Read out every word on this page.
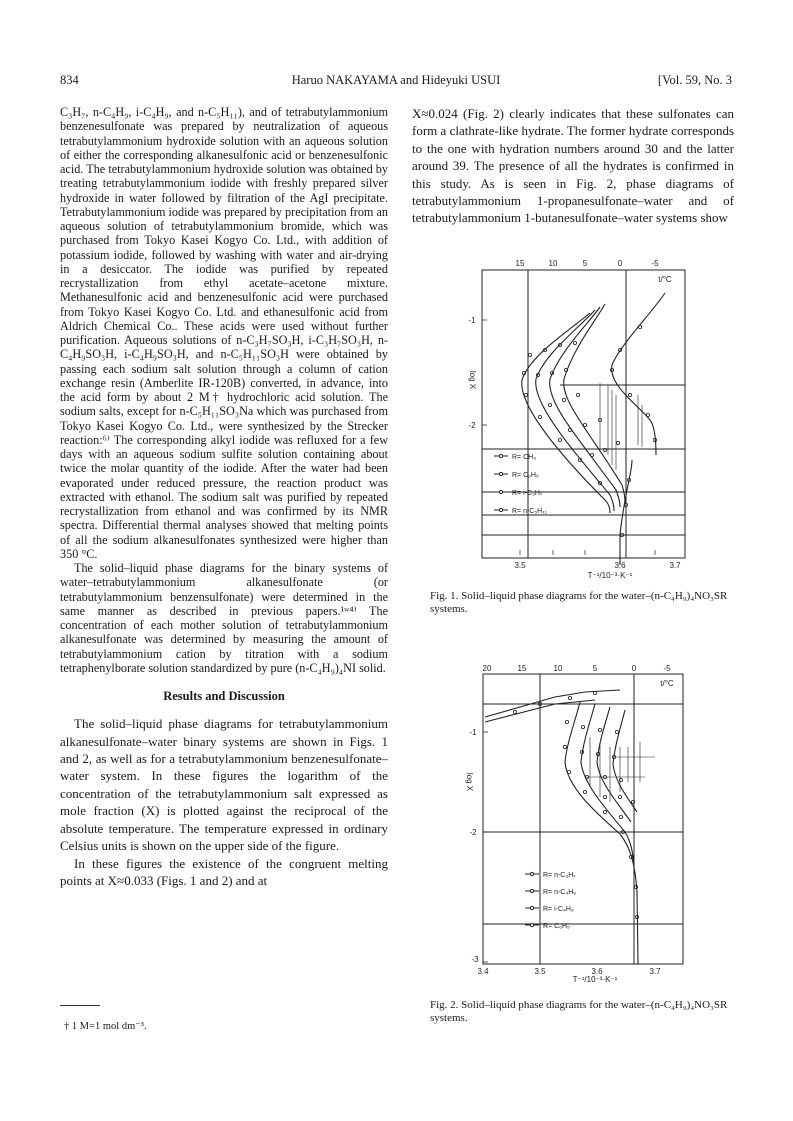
834	Haruo NAKAYAMA and Hideyuki USUI	[Vol. 59, No. 3

C₃H₇, n-C₄H₉, i-C₄H₉, and n-C₅H₁₁), and of tetrabutylammonium benzenesulfonate was prepared by neutralization of aqueous tetrabutylammonium hydroxide solution with an aqueous solution of either the corresponding alkanesulfonic acid or benzenesulfonic acid. The tetrabutylammonium hydroxide solution was obtained by treating tetrabutylammonium iodide with freshly prepared silver hydroxide in water followed by filtration of the AgI precipitate. Tetrabutylammonium iodide was prepared by precipitation from an aqueous solution of tetrabutylammonium bromide, which was purchased from Tokyo Kasei Kogyo Co. Ltd., with addition of potassium iodide, followed by washing with water and air-drying in a desiccator. The iodide was purified by repeated recrystallization from ethyl acetate–acetone mixture. Methanesulfonic acid and benzenesulfonic acid were purchased from Tokyo Kasei Kogyo Co. Ltd. and ethanesulfonic acid from Aldrich Chemical Co.. These acids were used without further purification. Aqueous solutions of n-C₃H₇SO₃H, i-C₃H₇SO₃H, n-C₄H₉SO₃H, i-C₄H₉SO₃H, and n-C₅H₁₁SO₃H were obtained by passing each sodium salt solution through a column of cation exchange resin (Amberlite IR-120B) converted, in advance, into the acid form by about 2 M† hydrochloric acid solution. The sodium salts, except for n-C₅H₁₁SO₃Na which was purchased from Tokyo Kasei Kogyo Co. Ltd., were synthesized by the Strecker reaction:⁶⁾ The corresponding alkyl iodide was refluxed for a few days with an aqueous sodium sulfite solution containing about twice the molar quantity of the iodide. After the water had been evaporated under reduced pressure, the reaction product was extracted with ethanol. The sodium salt was purified by repeated recrystallization from ethanol and was confirmed by its NMR spectra. Differential thermal analyses showed that melting points of all the sodium alkanesulfonates synthesized were higher than 350 °C.

The solid–liquid phase diagrams for the binary systems of water–tetrabutylammonium alkanesulfonate (or tetrabutylammonium benzensulfonate) were determined in the same manner as described in previous papers.¹ʷ⁴⁾ The concentration of each mother solution of tetrabutylammonium alkanesulfonate was determined by measuring the amount of tetrabutylammonium cation by titration with a sodium tetraphenylborate solution standardized by pure (n-C₄H₉)₄NI solid.

Results and Discussion

The solid–liquid phase diagrams for tetrabutylammonium alkanesulfonate–water binary systems are shown in Figs. 1 and 2, as well as for a tetrabutylammonium benzenesulfonate–water system. In these figures the logarithm of the concentration of the tetrabutylammonium salt expressed as mole fraction (X) is plotted against the reciprocal of the absolute temperature. The temperature expressed in ordinary Celsius units is shown on the upper side of the figure.

In these figures the existence of the congruent melting points at X≈0.033 (Figs. 1 and 2) and at

† 1 M=1 mol dm⁻³.

X≈0.024 (Fig. 2) clearly indicates that these sulfonates can form a clathrate-like hydrate. The former hydrate corresponds to the one with hydration numbers around 30 and the latter around 39. The presence of all the hydrates is confirmed in this study. As is seen in Fig. 2, phase diagrams of tetrabutylammonium 1-propanesulfonate–water and of tetrabutylammonium 1-butanesulfonate–water systems show

15	10	5	0	-5
t/°C
-1
-2
log X
3.5	3.6	3.7
T⁻¹/10⁻³·K⁻¹
R= CH₃
R= C₂H₅
R= i-C₃H₇
R= n-C₅H₁₁
Fig. 1. Solid–liquid phase diagrams for the water–(n-C₄H₉)₄NO₃SR systems.
20	15	10	5	0	-5
t/°C
-1
-2
-3
log X
3.4	3.5	3.6	3.7
T⁻¹/10⁻³·K⁻¹
R= n-C₃H₇
R= n-C₄H₉
R= i-C₄H₉
R= C₆H₅
Fig. 2. Solid–liquid phase diagrams for the water–(n-C₄H₉)₄NO₃SR systems.
